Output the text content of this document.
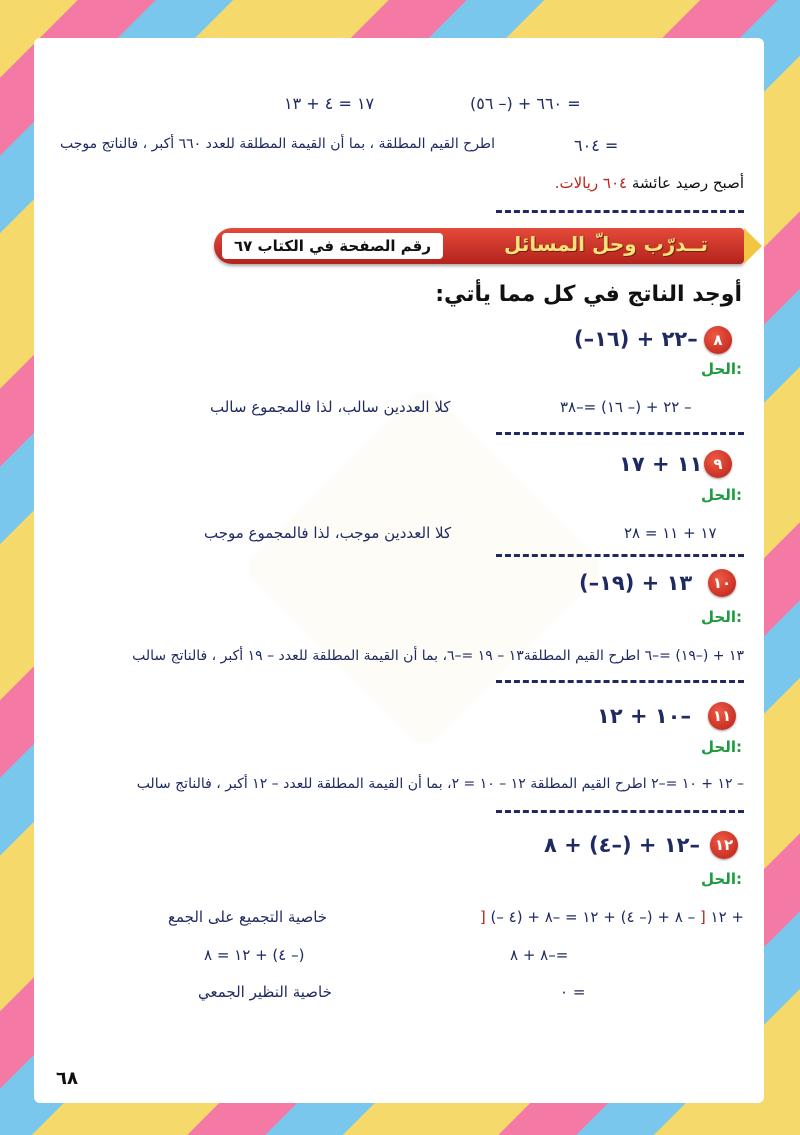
١٧ = ٤ + ١٣	= ٦٦٠ + (– ٥٦)
= ٦٠٤
اطرح القيم المطلقة ، بما أن القيمة المطلقة للعدد ٦٦٠ أكبر ، فالناتج موجب
أصبح رصيد عائشة ٦٠٤ ريالات.
تــدرّب وحلّ المسائل
رقم الصفحة في الكتاب ٦٧
أوجد الناتج في كل مما يأتي:
٨
(–١٦) + ٢٢–
الحل:
– ٢٢ + (– ١٦) =–٣٨
كلا العددين سالب، لذا فالمجموع سالب
٩
١١ + ١٧
الحل:
١٧ + ١١ = ٢٨
كلا العددين موجب، لذا فالمجموع موجب
١٠
(–١٩) + ١٣
الحل:
١٣ + (–١٩) =–٦ اطرح القيم المطلقة١٣ – ١٩ =–٦، بما أن القيمة المطلقة للعدد – ١٩ أكبر ، فالناتج سالب
١١
١٠ + ١٢–
الحل:
– ١٢ + ١٠ =–٢ اطرح القيم المطلقة ١٢ – ١٠ = ٢، بما أن القيمة المطلقة للعدد – ١٢ أكبر ، فالناتج سالب
١٢
١٢ + (–٤) + ٨–
الحل:
] (– ٤) + ١٢ [ – ٨ + (– ٤) + ١٢ = –٨ +
خاصية التجميع على الجمع
=–٨ + ٨
(– ٤) + ١٢ = ٨
= ٠
خاصية النظير الجمعي
٦٨
